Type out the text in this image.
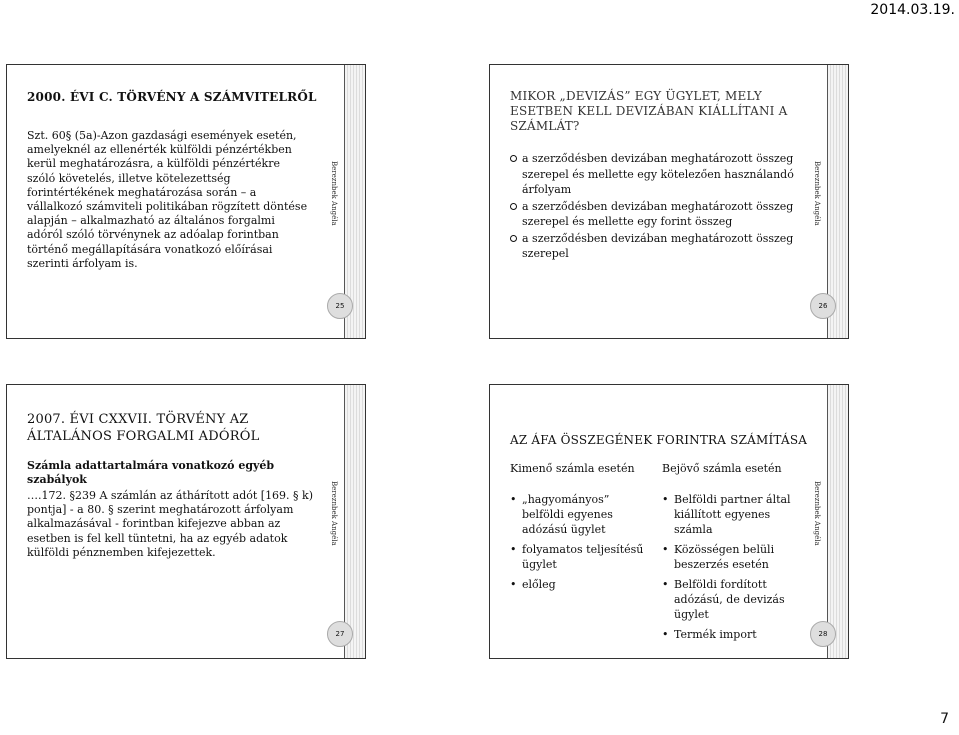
2014.03.19.
2000. ÉVI C. TÖRVÉNY A SZÁMVITELRŐL
Szt. 60§ (5a)-Azon gazdasági események esetén, amelyeknél az ellenérték külföldi pénzértékben kerül meghatározásra, a külföldi pénzértékre szóló követelés, illetve kötelezettség forintértékének meghatározása során – a vállalkozó számviteli politikában rögzített döntése alapján – alkalmazható az általános forgalmi adóról szóló törvénynek az adóalap forintban történő megállapítására vonatkozó előírásai szerinti árfolyam is.
Bereznbek Angéla
25
MIKOR „DEVIZÁS” EGY ÜGYLET, MELY ESETBEN KELL DEVIZÁBAN KIÁLLÍTANI A SZÁMLÁT?
a szerződésben devizában meghatározott összeg szerepel és mellette egy kötelezően használandó árfolyam
a szerződésben devizában meghatározott összeg szerepel és mellette egy forint összeg
a szerződésben devizában meghatározott összeg szerepel
Bereznbek Angéla
26
2007. ÉVI CXXVII. TÖRVÉNY AZ ÁLTALÁNOS FORGALMI ADÓRÓL
Számla adattartalmára vonatkozó egyéb szabályok
….172. §239 A számlán az áthárított adót [169. § k) pontja] - a 80. § szerint meghatározott árfolyam alkalmazásával - forintban kifejezve abban az esetben is fel kell tüntetni, ha az egyéb adatok külföldi pénznemben kifejezettek.
Bereznbek Angéla
27
AZ ÁFA ÖSSZEGÉNEK FORINTRA SZÁMÍTÁSA
Kimenő számla esetén
• „hagyományos” belföldi egyenes adózású ügylet
• folyamatos teljesítésű ügylet
• előleg
Bejövő számla esetén
• Belföldi partner által kiállított egyenes számla
• Közösségen belüli beszerzés esetén
• Belföldi fordított adózású, de devizás ügylet
• Termék import
Bereznbek Angéla
28
7
